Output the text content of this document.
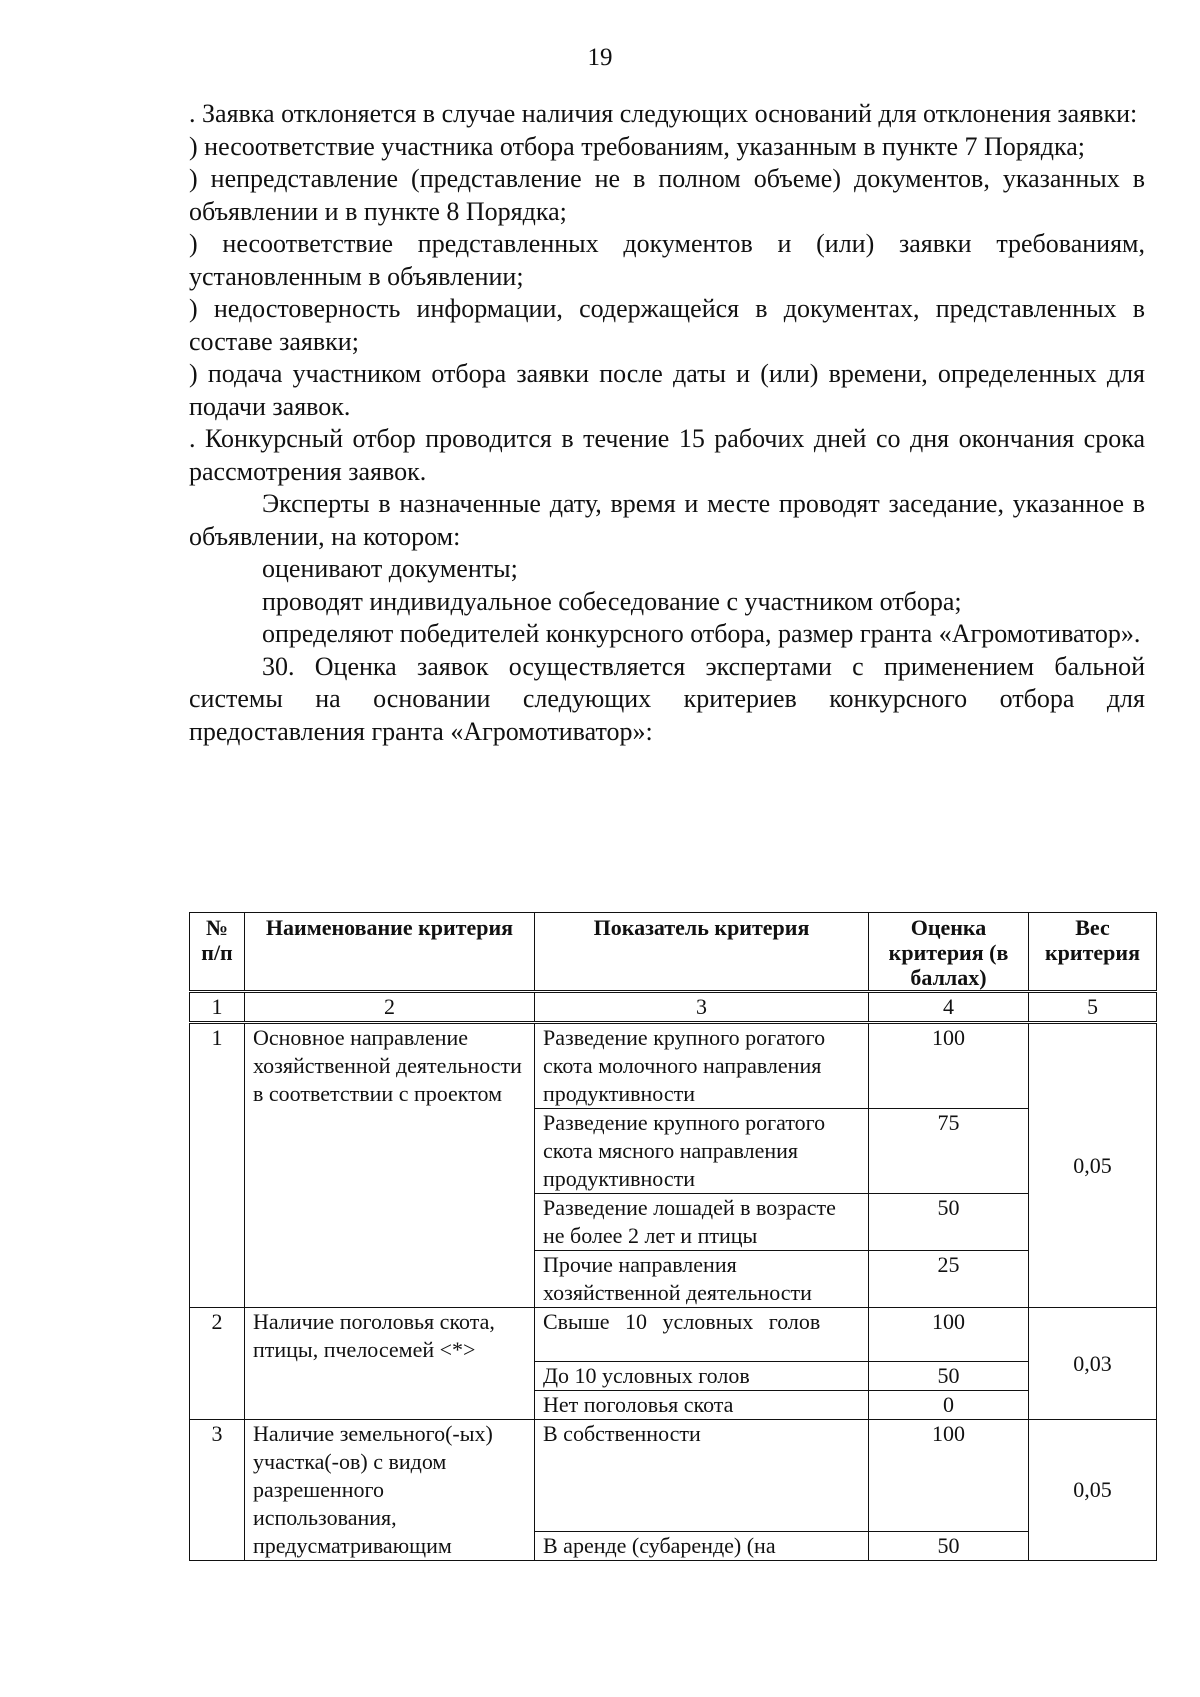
19

. Заявка отклоняется в случае наличия следующих оснований для отклонения заявки:

) несоответствие участника отбора требованиям, указанным в пункте 7 Порядка;

) непредставление (представление не в полном объеме) документов, указанных в объявлении и в пункте 8 Порядка;

) несоответствие представленных документов и (или) заявки требованиям, установленным в объявлении;

) недостоверность информации, содержащейся в документах, представленных в составе заявки;

) подача участником отбора заявки после даты и (или) времени, определенных для подачи заявок.

. Конкурсный отбор проводится в течение 15 рабочих дней со дня окончания срока рассмотрения заявок.

Эксперты в назначенные дату, время и месте проводят заседание, указанное в объявлении, на котором:

оценивают документы;

проводят индивидуальное собеседование с участником отбора;

определяют победителей конкурсного отбора, размер гранта «Агромотиватор».

30. Оценка заявок осуществляется экспертами с применением бальной системы на основании следующих критериев конкурсного отбора для предоставления гранта «Агромотиватор»:

№ п/п	Наименование критерия	Показатель критерия	Оценка критерия (в баллах)	Вес критерия
1	2	3	4	5
1	Основное направление хозяйственной деятельности в соответствии с проектом	Разведение крупного рогатого скота молочного направления продуктивности	100	0,05
		Разведение крупного рогатого скота мясного направления продуктивности	75	
		Разведение лошадей в возрасте не более 2 лет и птицы	50	
		Прочие направления хозяйственной деятельности	25	
2	Наличие поголовья скота, птицы, пчелосемей <*>	Свыше 10 условных голов	100	0,03
		До 10 условных голов	50	
		Нет поголовья скота	0	
3	Наличие земельного(-ых) участка(-ов) с видом разрешенного использования, предусматривающим	В собственности	100	0,05
		В аренде (субаренде) (на	50	
